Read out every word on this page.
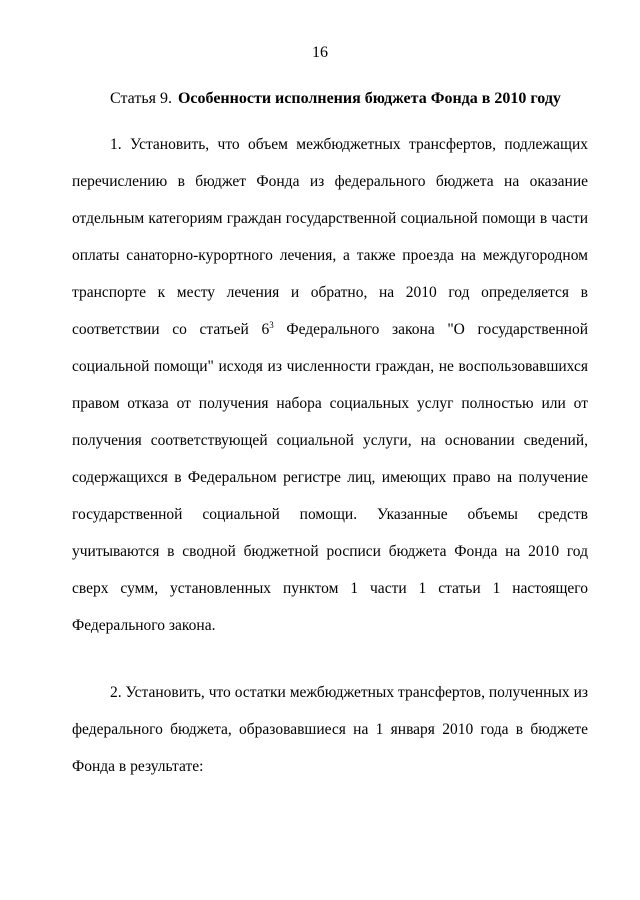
16
Статья 9. Особенности исполнения бюджета Фонда в 2010 году

1. Установить, что объем межбюджетных трансфертов, подлежащих перечислению в бюджет Фонда из федерального бюджета на оказание отдельным категориям граждан государственной социальной помощи в части оплаты санаторно-курортного лечения, а также проезда на междугородном транспорте к месту лечения и обратно, на 2010 год определяется в соответствии со статьей $6^3$ Федерального закона "О государственной социальной помощи" исходя из численности граждан, не воспользовавшихся правом отказа от получения набора социальных услуг полностью или от получения соответствующей социальной услуги, на основании сведений, содержащихся в Федеральном регистре лиц, имеющих право на получение государственной социальной помощи. Указанные объемы средств учитываются в сводной бюджетной росписи бюджета Фонда на 2010 год сверх сумм, установленных пунктом 1 части 1 статьи 1 настоящего Федерального закона.

2. Установить, что остатки межбюджетных трансфертов, полученных из федерального бюджета, образовавшиеся на 1 января 2010 года в бюджете Фонда в результате:
